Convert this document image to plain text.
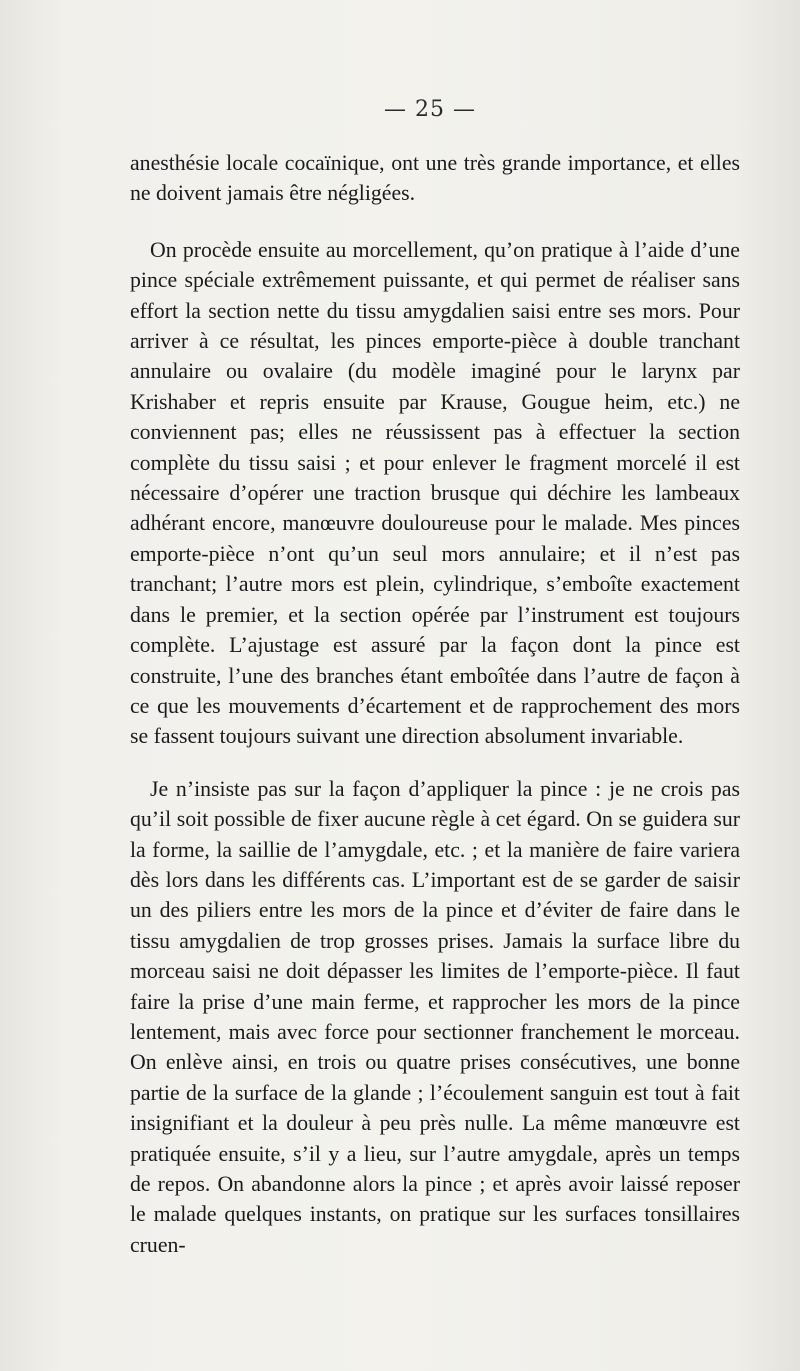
— 25 —

anesthésie locale cocaïnique, ont une très grande importance, et elles ne doivent jamais être négligées.

On procède ensuite au morcellement, qu’on pratique à l’aide d’une pince spéciale extrêmement puissante, et qui permet de réaliser sans effort la section nette du tissu amygdalien saisi entre ses mors. Pour arriver à ce résultat, les pinces emporte-pièce à double tranchant annulaire ou ovalaire (du modèle imaginé pour le larynx par Krishaber et repris ensuite par Krause, Gougue heim, etc.) ne conviennent pas; elles ne réussissent pas à effectuer la section complète du tissu saisi ; et pour enlever le fragment morcelé il est nécessaire d’opérer une traction brusque qui déchire les lambeaux adhérant encore, manœuvre douloureuse pour le malade. Mes pinces emporte-pièce n’ont qu’un seul mors annulaire; et il n’est pas tranchant; l’autre mors est plein, cylindrique, s’emboîte exactement dans le premier, et la section opérée par l’instrument est toujours complète. L’ajustage est assuré par la façon dont la pince est construite, l’une des branches étant emboîtée dans l’autre de façon à ce que les mouvements d’écartement et de rapprochement des mors se fassent toujours suivant une direction absolument invariable.

Je n’insiste pas sur la façon d’appliquer la pince : je ne crois pas qu’il soit possible de fixer aucune règle à cet égard. On se guidera sur la forme, la saillie de l’amygdale, etc. ; et la manière de faire variera dès lors dans les différents cas. L’important est de se garder de saisir un des piliers entre les mors de la pince et d’éviter de faire dans le tissu amygdalien de trop grosses prises. Jamais la surface libre du morceau saisi ne doit dépasser les limites de l’emporte-pièce. Il faut faire la prise d’une main ferme, et rapprocher les mors de la pince lentement, mais avec force pour sectionner franchement le morceau. On enlève ainsi, en trois ou quatre prises consécutives, une bonne partie de la surface de la glande ; l’écoulement sanguin est tout à fait insignifiant et la douleur à peu près nulle. La même manœuvre est pratiquée ensuite, s’il y a lieu, sur l’autre amygdale, après un temps de repos. On abandonne alors la pince ; et après avoir laissé reposer le malade quelques instants, on pratique sur les surfaces tonsillaires cruen-
